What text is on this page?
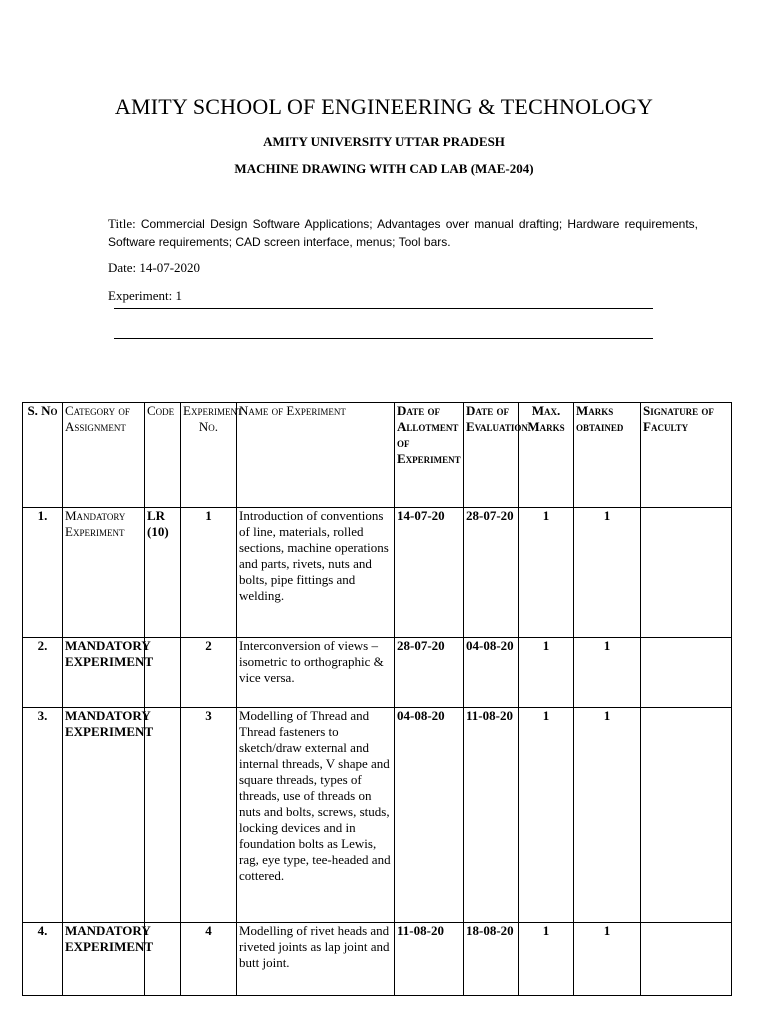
AMITY SCHOOL OF ENGINEERING & TECHNOLOGY
AMITY UNIVERSITY UTTAR PRADESH
MACHINE DRAWING WITH CAD LAB (MAE-204)
Title: Commercial Design Software Applications; Advantages over manual drafting; Hardware requirements, Software requirements; CAD screen interface, menus; Tool bars.
Date: 14-07-2020
Experiment: 1
S. No	Category of Assignment	Code	Experiment No.	Name of Experiment	Date of Allotment of Experiment	Date of Evaluation	Max. Marks	Marks obtained	Signature of Faculty
1.	Mandatory Experiment	LR (10)	1	Introduction of conventions of line, materials, rolled sections, machine operations and parts, rivets, nuts and bolts, pipe fittings and welding.	14-07-20	28-07-20	1	1	
2.	MANDATORY EXPERIMENT		2	Interconversion of views – isometric to orthographic & vice versa.	28-07-20	04-08-20	1	1	
3.	MANDATORY EXPERIMENT		3	Modelling of Thread and Thread fasteners to sketch/draw external and internal threads, V shape and square threads, types of threads, use of threads on nuts and bolts, screws, studs, locking devices and in foundation bolts as Lewis, rag, eye type, tee-headed and cottered.	04-08-20	11-08-20	1	1	
4.	MANDATORY EXPERIMENT		4	Modelling of rivet heads and riveted joints as lap joint and butt joint.	11-08-20	18-08-20	1	1	
